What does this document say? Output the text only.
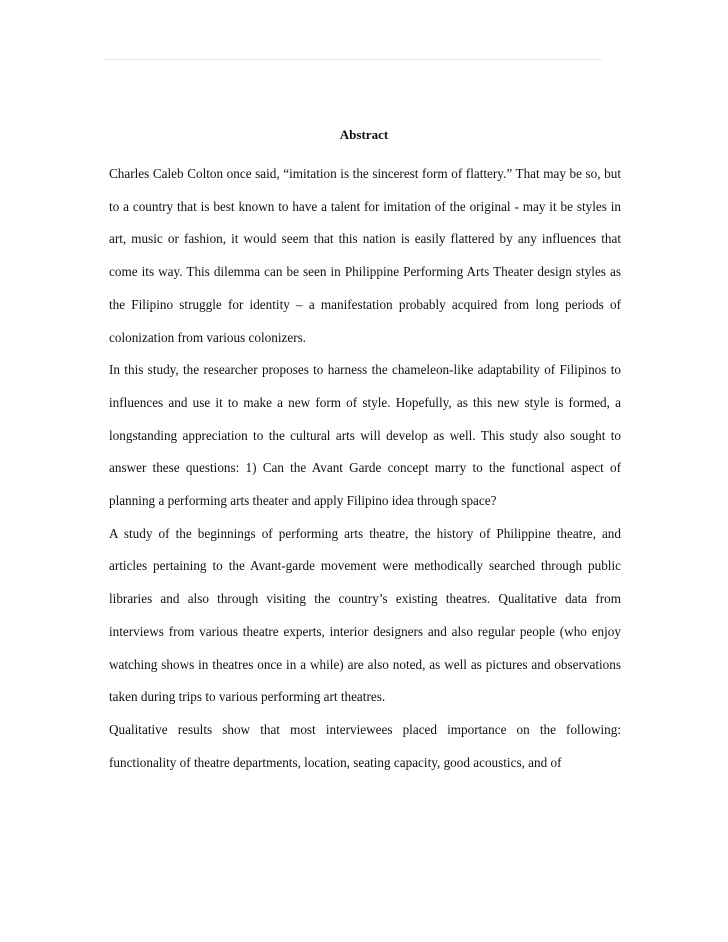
Abstract

Charles Caleb Colton once said, “imitation is the sincerest form of flattery.” That may be so, but to a country that is best known to have a talent for imitation of the original - may it be styles in art, music or fashion, it would seem that this nation is easily flattered by any influences that come its way. This dilemma can be seen in Philippine Performing Arts Theater design styles as the Filipino struggle for identity – a manifestation probably acquired from long periods of colonization from various colonizers.

In this study, the researcher proposes to harness the chameleon-like adaptability of Filipinos to influences and use it to make a new form of style. Hopefully, as this new style is formed, a longstanding appreciation to the cultural arts will develop as well. This study also sought to answer these questions: 1) Can the Avant Garde concept marry to the functional aspect of planning a performing arts theater and apply Filipino idea through space?

A study of the beginnings of performing arts theatre, the history of Philippine theatre, and articles pertaining to the Avant-garde movement were methodically searched through public libraries and also through visiting the country’s existing theatres. Qualitative data from interviews from various theatre experts, interior designers and also regular people (who enjoy watching shows in theatres once in a while) are also noted, as well as pictures and observations taken during trips to various performing art theatres.

Qualitative results show that most interviewees placed importance on the following: functionality of theatre departments, location, seating capacity, good acoustics, and of
